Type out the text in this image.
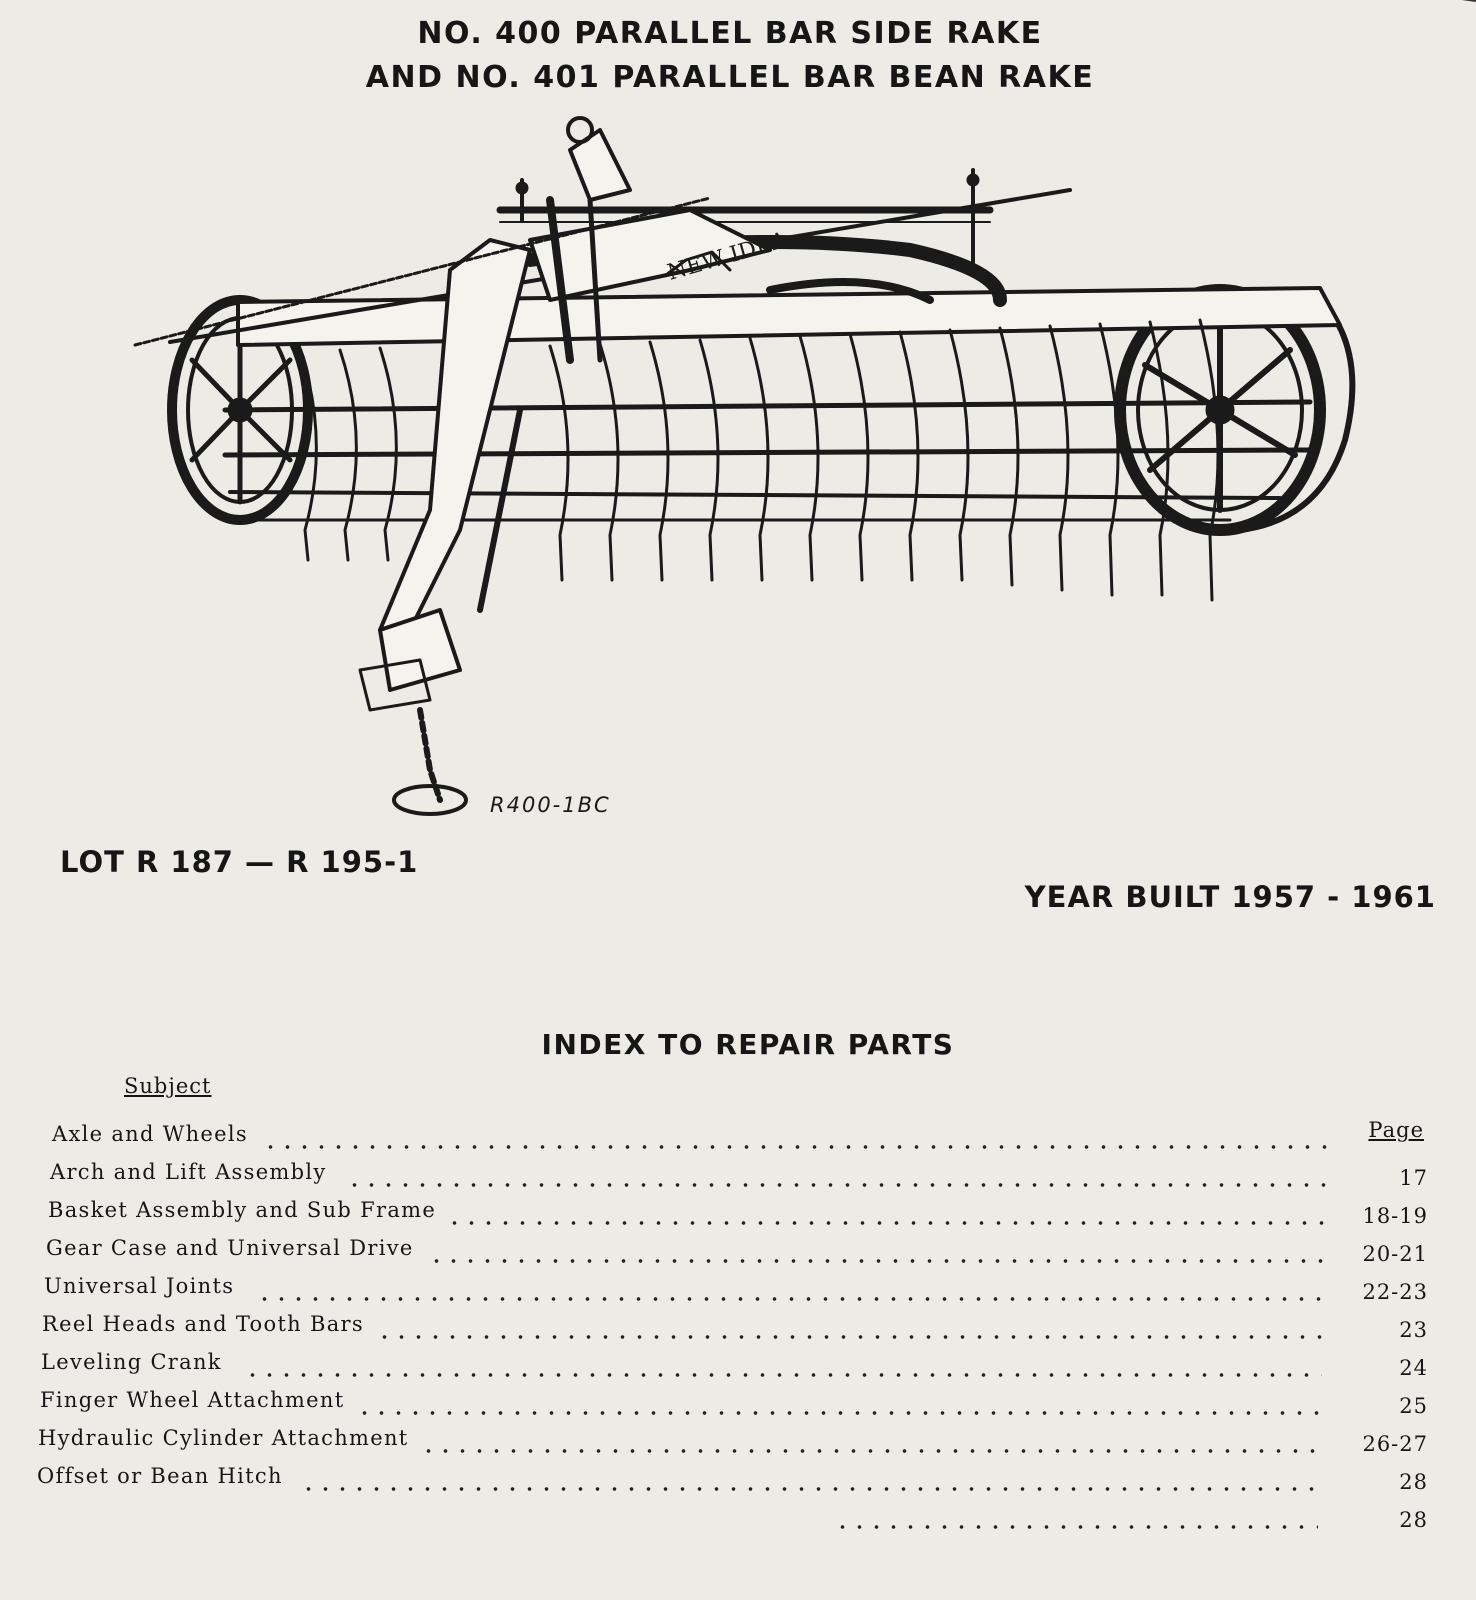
NO. 400 PARALLEL BAR SIDE RAKE
AND NO. 401 PARALLEL BAR BEAN RAKE
NEW IDEA
R400-1BC
LOT R 187 — R 195-1
YEAR BUILT 1957 - 1961
INDEX TO REPAIR PARTS
Subject
Page
Axle and Wheels
Arch and Lift Assembly
Basket Assembly and Sub Frame
Gear Case and Universal Drive
Universal Joints
Reel Heads and Tooth Bars
Leveling Crank
Finger Wheel Attachment
Hydraulic Cylinder Attachment
Offset or Bean Hitch
17
18-19
20-21
22-23
23
24
25
26-27
28
28
